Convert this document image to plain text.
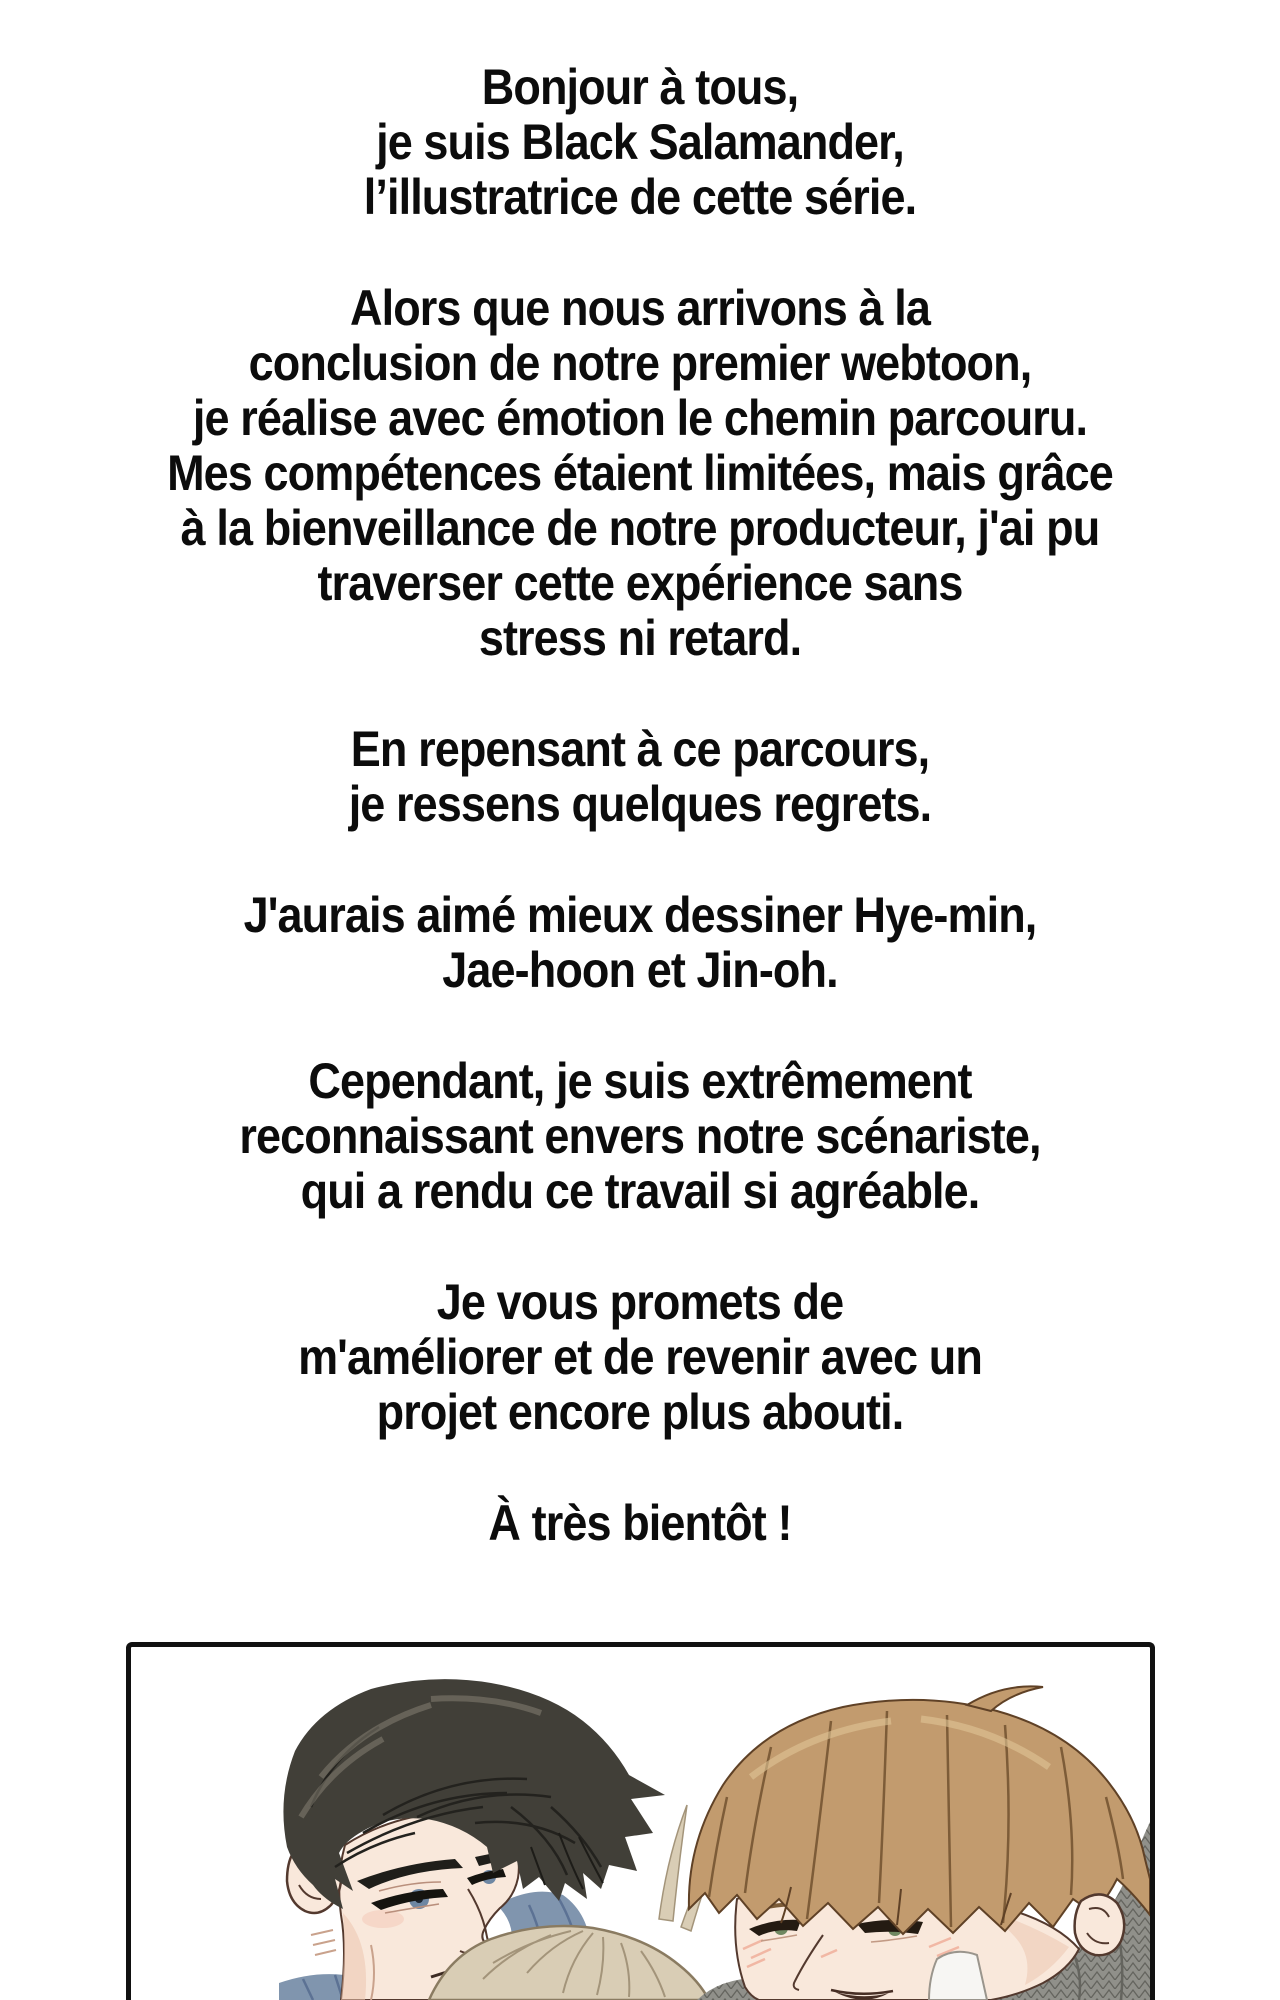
Bonjour à tous,
je suis Black Salamander,
l’illustratrice de cette série.
Alors que nous arrivons à la
conclusion de notre premier webtoon,
je réalise avec émotion le chemin parcouru.
Mes compétences étaient limitées, mais grâce
à la bienveillance de notre producteur, j'ai pu
traverser cette expérience sans
stress ni retard.
En repensant à ce parcours,
je ressens quelques regrets.
J'aurais aimé mieux dessiner Hye-min,
Jae-hoon et Jin-oh.
Cependant, je suis extrêmement
reconnaissant envers notre scénariste,
qui a rendu ce travail si agréable.
Je vous promets de
m'améliorer et de revenir avec un
projet encore plus abouti.
À très bientôt !
